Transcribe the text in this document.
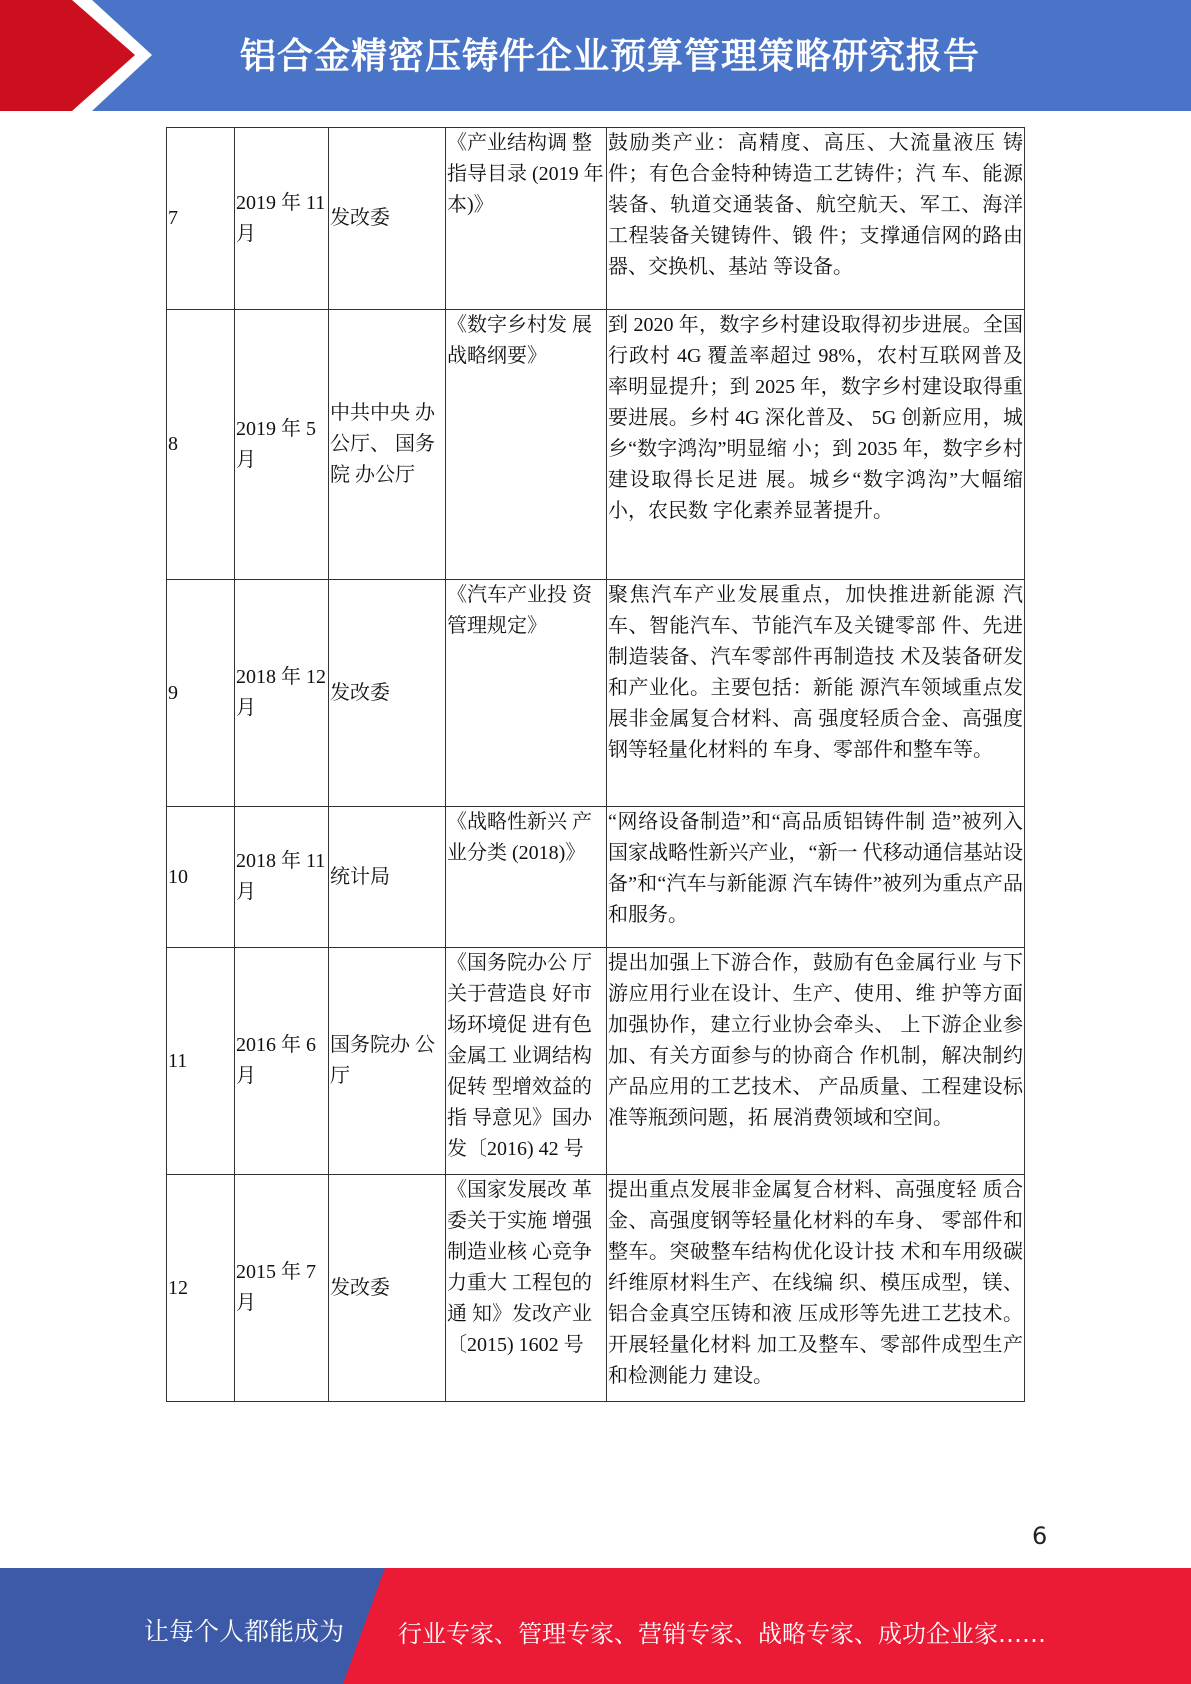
铝合金精密压铸件企业预算管理策略研究报告
7	2019 年 11 月	发改委	《产业结构调 整指导目录 (2019 年本)》	鼓励类产业：高精度、高压、大流量液压 铸件；有色合金特种铸造工艺铸件；汽 车、能源装备、轨道交通装备、航空航天、军工、海洋工程装备关键铸件、锻 件；支撑通信网的路由器、交换机、基站 等设备。
8	2019 年 5 月	中共中央 办公厅、 国务院 办公厅	《数字乡村发 展战略纲要》	到 2020 年，数字乡村建设取得初步进展。全国行政村 4G 覆盖率超过 98%，农村互联网普及率明显提升；到 2025 年，数字乡村建设取得重要进展。乡村 4G 深化普及、 5G 创新应用，城乡“数字鸿沟”明显缩 小；到 2035 年，数字乡村建设取得长足进 展。城乡“数字鸿沟”大幅缩小，农民数 字化素养显著提升。
9	2018 年 12 月	发改委	《汽车产业投 资管理规定》	聚焦汽车产业发展重点，加快推进新能源 汽车、智能汽车、节能汽车及关键零部 件、先进制造装备、汽车零部件再制造技 术及装备研发和产业化。主要包括：新能 源汽车领域重点发展非金属复合材料、高 强度轻质合金、高强度钢等轻量化材料的 车身、零部件和整车等。
10	2018 年 11 月	统计局	《战略性新兴 产业分类 (2018)》	“网络设备制造”和“高品质铝铸件制 造”被列入国家战略性新兴产业，“新一 代移动通信基站设备”和“汽车与新能源 汽车铸件”被列为重点产品和服务。
11	2016 年 6 月	国务院办 公厅	《国务院办公 厅关于营造良 好市场环境促 进有色金属工 业调结构促转 型增效益的指 导意见》国办 发〔2016) 42 号	提出加强上下游合作，鼓励有色金属行业 与下游应用行业在设计、生产、使用、维 护等方面加强协作，建立行业协会牵头、 上下游企业参加、有关方面参与的协商合 作机制，解决制约产品应用的工艺技术、 产品质量、工程建设标准等瓶颈问题，拓 展消费领域和空间。
12	2015 年 7 月	发改委	《国家发展改 革委关于实施 增强制造业核 心竞争力重大 工程包的通 知》发改产业〔2015) 1602 号	提出重点发展非金属复合材料、高强度轻 质合金、高强度钢等轻量化材料的车身、 零部件和整车。突破整车结构优化设计技 术和车用级碳纤维原材料生产、在线编 织、模压成型，镁、铝合金真空压铸和液 压成形等先进工艺技术。开展轻量化材料 加工及整车、零部件成型生产和检测能力 建设。
6
让每个人都能成为 行业专家、管理专家、营销专家、战略专家、成功企业家……
